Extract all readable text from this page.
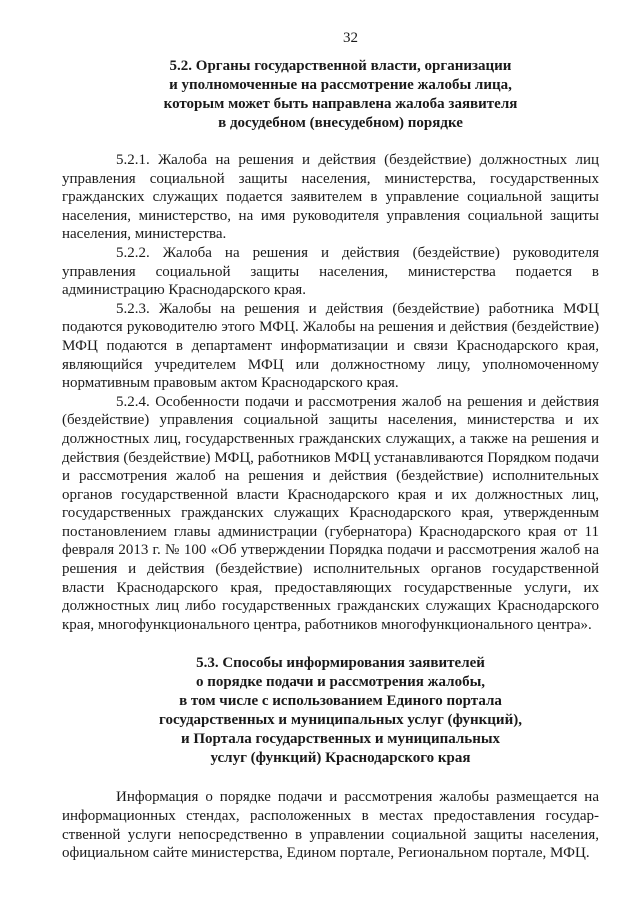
32
5.2. Органы государственной власти, организации
и уполномоченные на рассмотрение жалобы лица,
которым может быть направлена жалоба заявителя
в досудебном (внесудебном) порядке

5.2.1. Жалоба на решения и действия (бездействие) должностных лиц управления социальной защиты населения, министерства, государственных гражданских служащих подается заявителем в управление социальной защиты населения, министерство, на имя руководителя управления социальной защиты населения, министерства.

5.2.2. Жалоба на решения и действия (бездействие) руководителя управления социальной защиты населения, министерства подается в администрацию Краснодарского края.

5.2.3. Жалобы на решения и действия (бездействие) работника МФЦ подаются руководителю этого МФЦ. Жалобы на решения и действия (бездействие) МФЦ подаются в департамент информатизации и связи Краснодарского края, являющийся учредителем МФЦ или должностному лицу, уполномоченному нормативным правовым актом Краснодарского края.

5.2.4. Особенности подачи и рассмотрения жалоб на решения и действия (бездействие) управления социальной защиты населения, министерства и их должностных лиц, государственных гражданских служащих, а также на решения и действия (бездействие) МФЦ, работников МФЦ устанавливаются Порядком подачи и рассмотрения жалоб на решения и действия (бездействие) исполнительных органов государственной власти Краснодарского края и их должностных лиц, государственных гражданских служащих Краснодарского края, утвержденным постановлением главы администрации (губернатора) Краснодарского края от 11 февраля 2013 г. № 100 «Об утверждении Порядка подачи и рассмотрения жалоб на решения и действия (бездействие) исполнительных органов государственной власти Краснодарского края, предоставляющих государственные услуги, их должностных лиц либо государственных гражданских служащих Краснодарского края, многофункционального центра, работников многофункционального центра».

5.3. Способы информирования заявителей
о порядке подачи и рассмотрения жалобы,
в том числе с использованием Единого портала
государственных и муниципальных услуг (функций),
и Портала государственных и муниципальных
услуг (функций) Краснодарского края

Информация о порядке подачи и рассмотрения жалобы размещается на информационных стендах, расположенных в местах предоставления государственной услуги непосредственно в управлении социальной защиты населения, официальном сайте министерства, Едином портале, Региональном портале, МФЦ.
